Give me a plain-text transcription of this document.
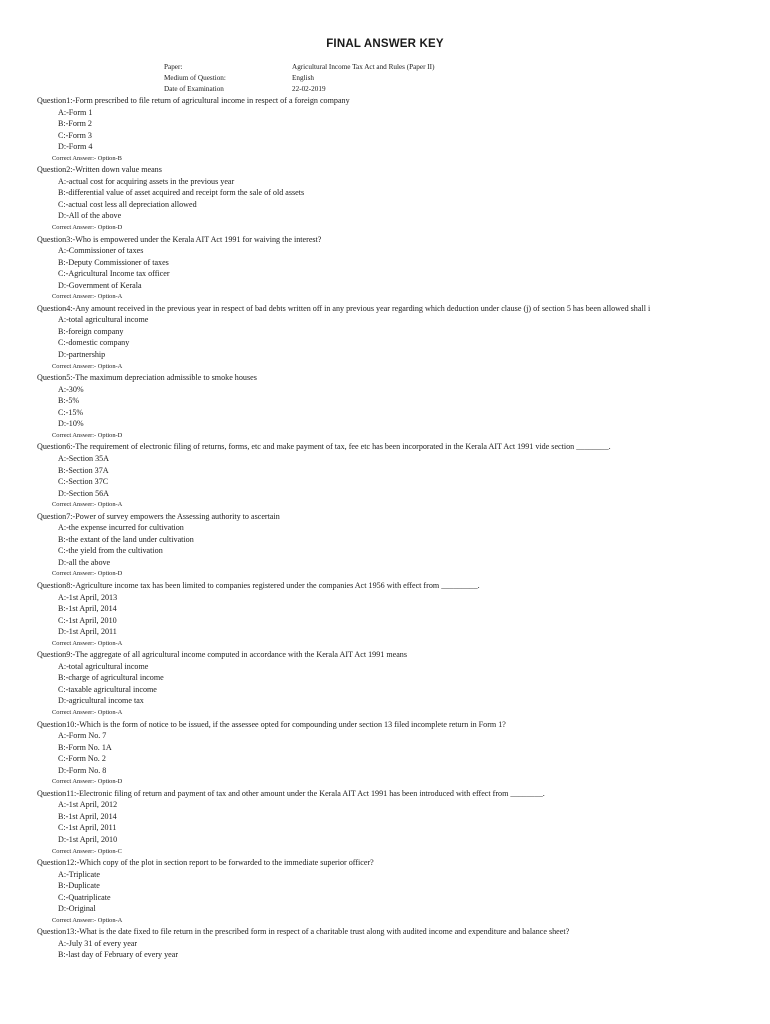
FINAL ANSWER KEY
Paper:	Agricultural Income Tax Act and Rules (Paper II)
Medium of Question:	English
Date of Examination	22-02-2019
Question1:-Form prescribed to file return of agricultural income in respect of a foreign company
A:-Form 1
B:-Form 2
C:-Form 3
D:-Form 4
Correct Answer:- Option-B
Question2:-Written down value means
A:-actual cost for acquiring assets in the previous year
B:-differential value of asset acquired and receipt form the sale of old assets
C:-actual cost less all depreciation allowed
D:-All of the above
Correct Answer:- Option-D
Question3:-Who is empowered under the Kerala AIT Act 1991 for waiving the interest?
A:-Commissioner of taxes
B:-Deputy Commissioner of taxes
C:-Agricultural Income tax officer
D:-Government of Kerala
Correct Answer:- Option-A
Question4:-Any amount received in the previous year in respect of bad debts written off in any previous year regarding which deduction under clause (j) of section 5 has been allowed shall i
A:-total agricultural income
B:-foreign company
C:-domestic company
D:-partnership
Correct Answer:- Option-A
Question5:-The maximum depreciation admissible to smoke houses
A:-30%
B:-5%
C:-15%
D:-10%
Correct Answer:- Option-D
Question6:-The requirement of electronic filing of returns, forms, etc and make payment of tax, fee etc has been incorporated in the Kerala AIT Act 1991 vide section ________.
A:-Section 35A
B:-Section 37A
C:-Section 37C
D:-Section 56A
Correct Answer:- Option-A
Question7:-Power of survey empowers the Assessing authority to ascertain
A:-the expense incurred for cultivation
B:-the extant of the land under cultivation
C:-the yield from the cultivation
D:-all the above
Correct Answer:- Option-D
Question8:-Agriculture income tax has been limited to companies registered under the companies Act 1956 with effect from _________.
A:-1st April, 2013
B:-1st April, 2014
C:-1st April, 2010
D:-1st April, 2011
Correct Answer:- Option-A
Question9:-The aggregate of all agricultural income computed in accordance with the Kerala AIT Act 1991 means
A:-total agricultural income
B:-charge of agricultural income
C:-taxable agricultural income
D:-agricultural income tax
Correct Answer:- Option-A
Question10:-Which is the form of notice to be issued, if the assessee opted for compounding under section 13 filed incomplete return in Form 1?
A:-Form No. 7
B:-Form No. 1A
C:-Form No. 2
D:-Form No. 8
Correct Answer:- Option-D
Question11:-Electronic filing of return and payment of tax and other amount under the Kerala AIT Act 1991 has been introduced with effect from ________.
A:-1st April, 2012
B:-1st April, 2014
C:-1st April, 2011
D:-1st April, 2010
Correct Answer:- Option-C
Question12:-Which copy of the plot in section report to be forwarded to the immediate superior officer?
A:-Triplicate
B:-Duplicate
C:-Quatriplicate
D:-Original
Correct Answer:- Option-A
Question13:-What is the date fixed to file return in the prescribed form in respect of a charitable trust along with audited income and expenditure and balance sheet?
A:-July 31 of every year
B:-last day of February of every year
